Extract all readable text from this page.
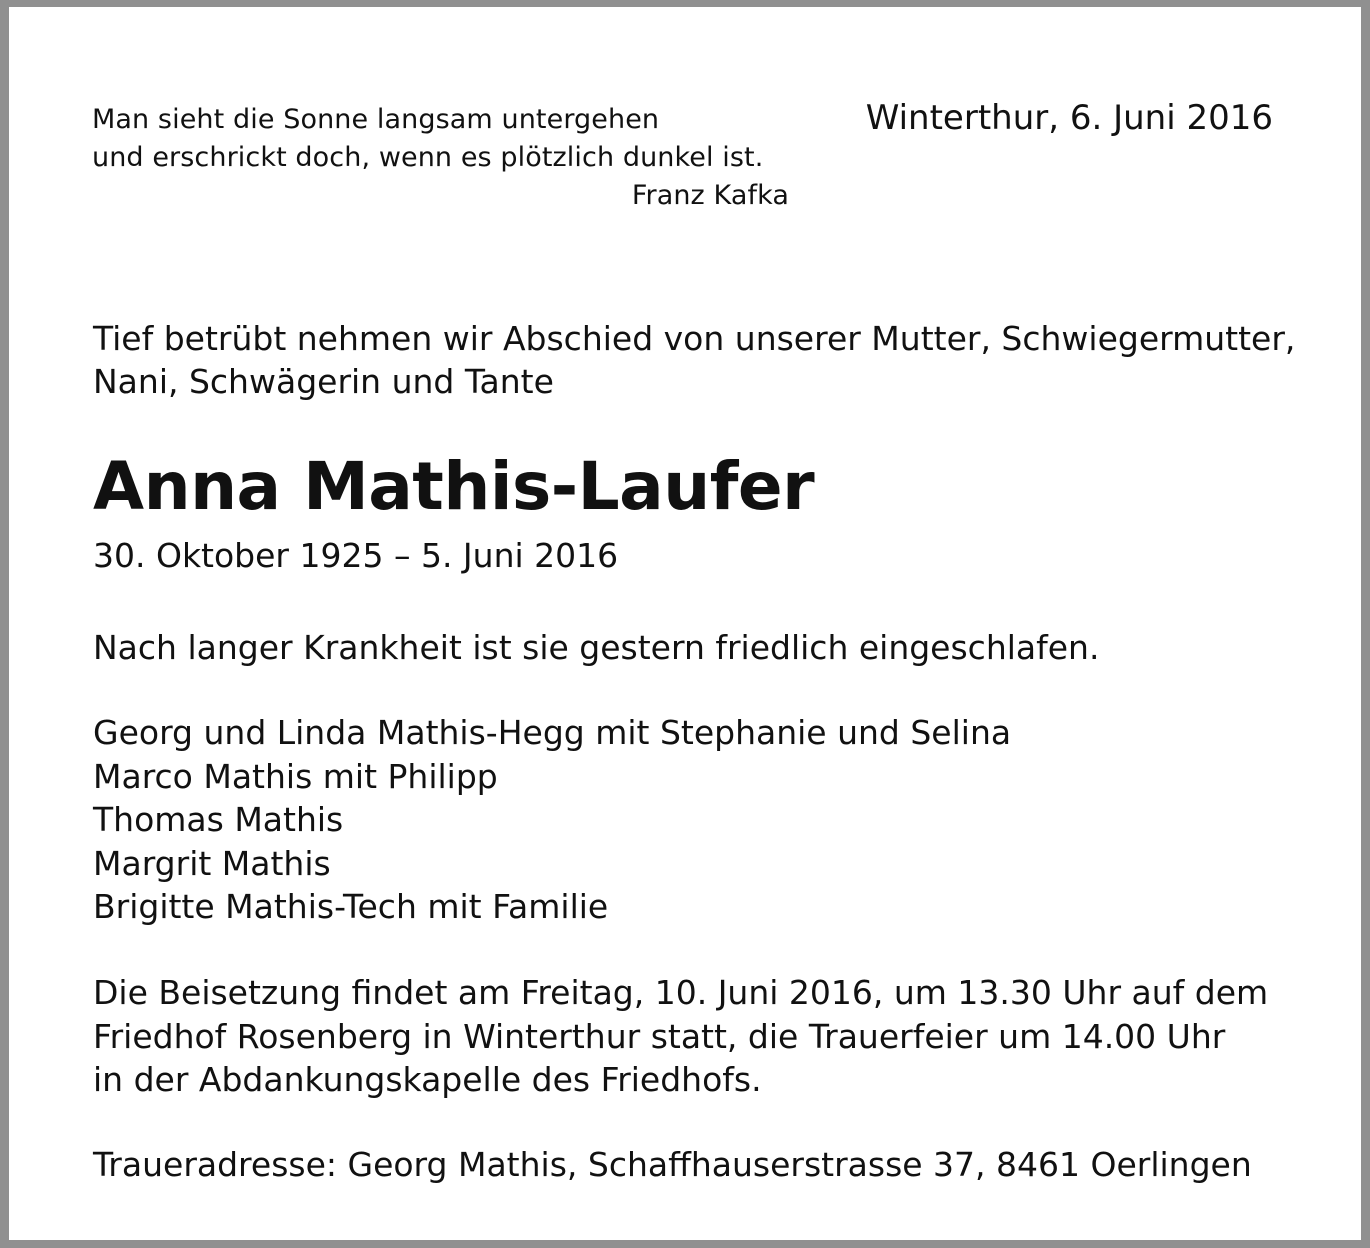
Man sieht die Sonne langsam untergehen
und erschrickt doch, wenn es plötzlich dunkel ist.
Franz Kafka
Winterthur, 6. Juni 2016
Tief betrübt nehmen wir Abschied von unserer Mutter, Schwiegermutter,
Nani, Schwägerin und Tante
Anna Mathis-Laufer
30. Oktober 1925 – 5. Juni 2016
Nach langer Krankheit ist sie gestern friedlich eingeschlafen.
Georg und Linda Mathis-Hegg mit Stephanie und Selina
Marco Mathis mit Philipp
Thomas Mathis
Margrit Mathis
Brigitte Mathis-Tech mit Familie
Die Beisetzung findet am Freitag, 10. Juni 2016, um 13.30 Uhr auf dem
Friedhof Rosenberg in Winterthur statt, die Trauerfeier um 14.00 Uhr
in der Abdankungskapelle des Friedhofs.
Traueradresse: Georg Mathis, Schaffhauserstrasse 37, 8461 Oerlingen
